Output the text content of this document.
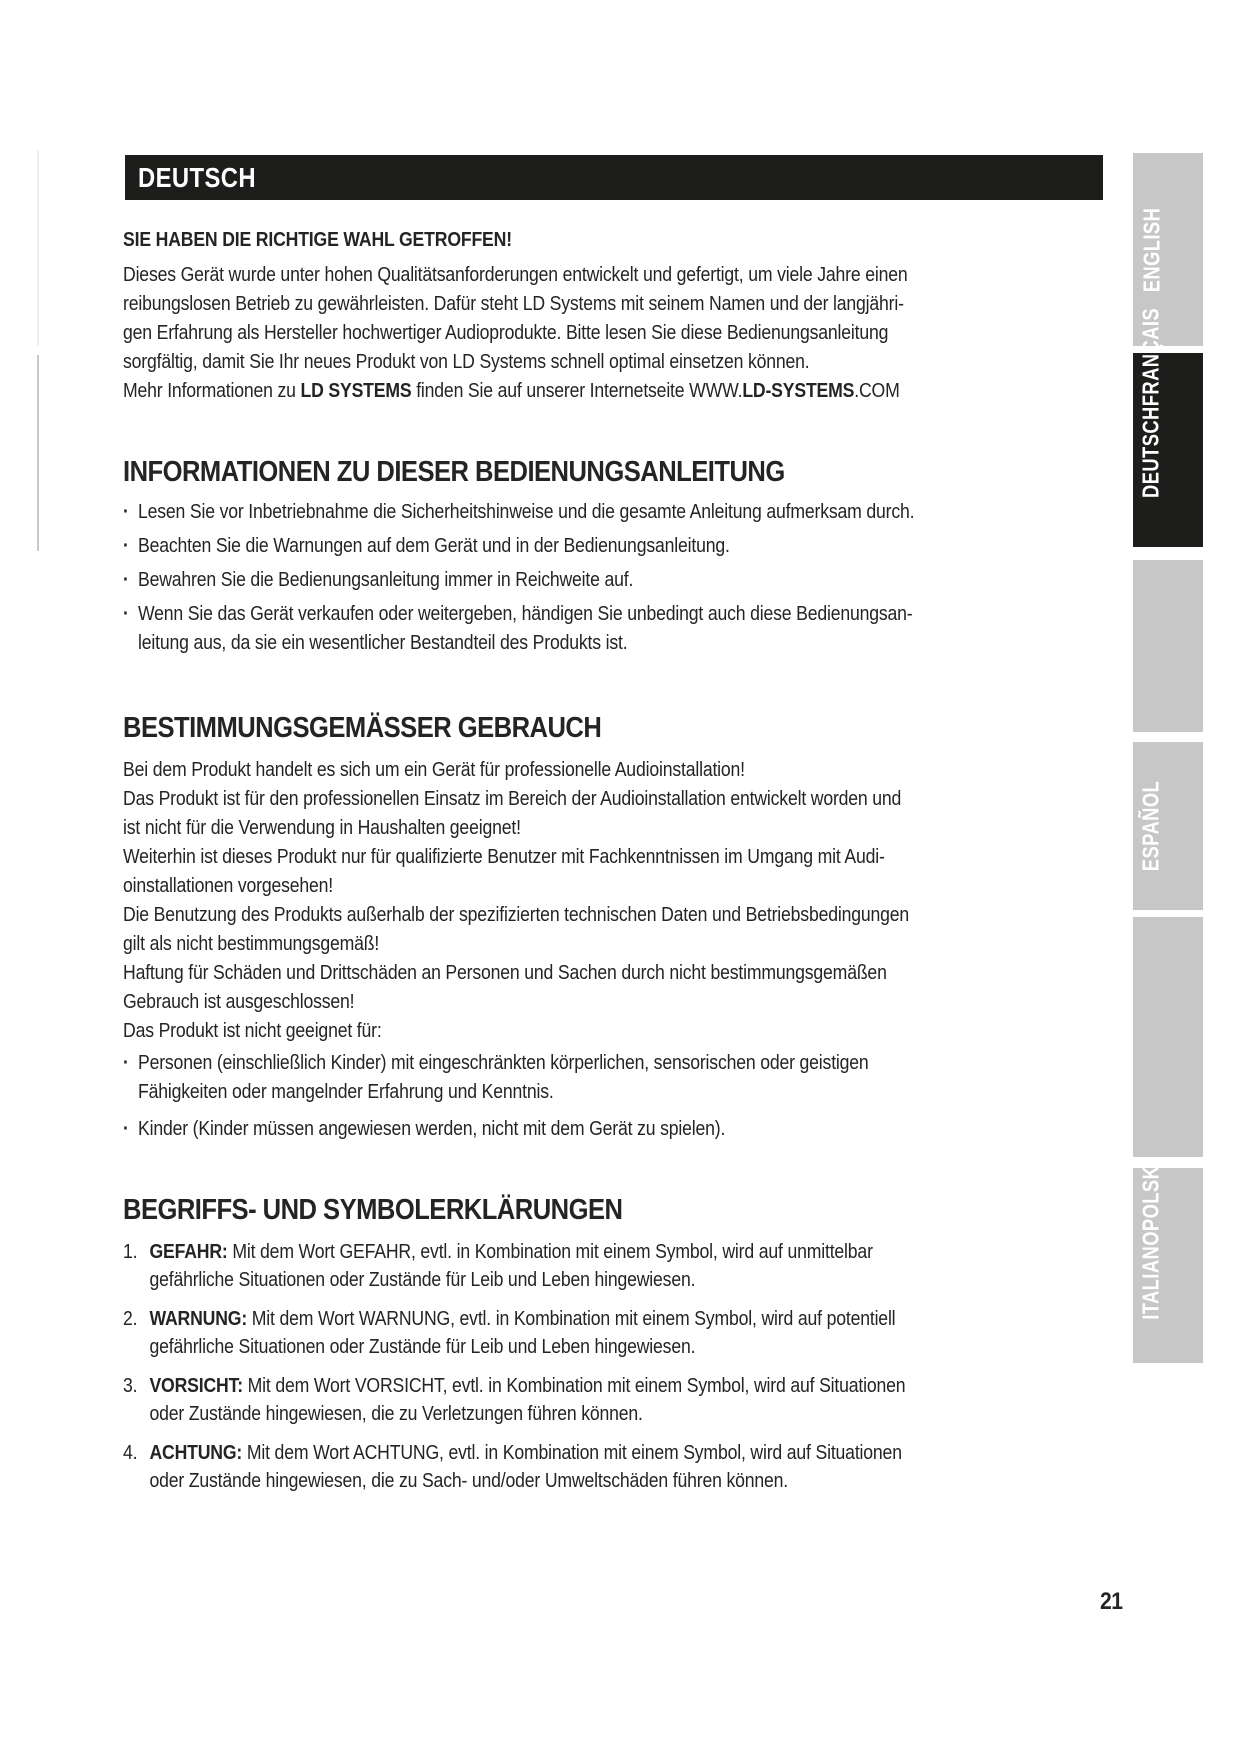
DEUTSCH
SIE HABEN DIE RICHTIGE WAHL GETROFFEN!
Dieses Gerät wurde unter hohen Qualitätsanforderungen entwickelt und gefertigt, um viele Jahre einen
reibungslosen Betrieb zu gewährleisten. Dafür steht LD Systems mit seinem Namen und der langjähri-
gen Erfahrung als Hersteller hochwertiger Audioprodukte. Bitte lesen Sie diese Bedienungsanleitung
sorgfältig, damit Sie Ihr neues Produkt von LD Systems schnell optimal einsetzen können.
Mehr Informationen zu LD SYSTEMS finden Sie auf unserer Internetseite WWW.LD-SYSTEMS.COM
INFORMATIONEN ZU DIESER BEDIENUNGSANLEITUNG
· Lesen Sie vor Inbetriebnahme die Sicherheitshinweise und die gesamte Anleitung aufmerksam durch.
· Beachten Sie die Warnungen auf dem Gerät und in der Bedienungsanleitung.
· Bewahren Sie die Bedienungsanleitung immer in Reichweite auf.
· Wenn Sie das Gerät verkaufen oder weitergeben, händigen Sie unbedingt auch diese Bedienungsan-
leitung aus, da sie ein wesentlicher Bestandteil des Produkts ist.
BESTIMMUNGSGEMÄSSER GEBRAUCH
Bei dem Produkt handelt es sich um ein Gerät für professionelle Audioinstallation!
Das Produkt ist für den professionellen Einsatz im Bereich der Audioinstallation entwickelt worden und
ist nicht für die Verwendung in Haushalten geeignet!
Weiterhin ist dieses Produkt nur für qualifizierte Benutzer mit Fachkenntnissen im Umgang mit Audi-
oinstallationen vorgesehen!
Die Benutzung des Produkts außerhalb der spezifizierten technischen Daten und Betriebsbedingungen
gilt als nicht bestimmungsgemäß!
Haftung für Schäden und Drittschäden an Personen und Sachen durch nicht bestimmungsgemäßen
Gebrauch ist ausgeschlossen!
Das Produkt ist nicht geeignet für:
· Personen (einschließlich Kinder) mit eingeschränkten körperlichen, sensorischen oder geistigen
Fähigkeiten oder mangelnder Erfahrung und Kenntnis.
· Kinder (Kinder müssen angewiesen werden, nicht mit dem Gerät zu spielen).
BEGRIFFS- UND SYMBOLERKLÄRUNGEN
1. GEFAHR: Mit dem Wort GEFAHR, evtl. in Kombination mit einem Symbol, wird auf unmittelbar
gefährliche Situationen oder Zustände für Leib und Leben hingewiesen.
2. WARNUNG: Mit dem Wort WARNUNG, evtl. in Kombination mit einem Symbol, wird auf potentiell
gefährliche Situationen oder Zustände für Leib und Leben hingewiesen.
3. VORSICHT: Mit dem Wort VORSICHT, evtl. in Kombination mit einem Symbol, wird auf Situationen
oder Zustände hingewiesen, die zu Verletzungen führen können.
4. ACHTUNG: Mit dem Wort ACHTUNG, evtl. in Kombination mit einem Symbol, wird auf Situationen
oder Zustände hingewiesen, die zu Sach- und/oder Umweltschäden führen können.
ENGLISH
DEUTSCHFRANÇAIS
ESPAÑOL
ITALIANOPOLSKI
21
